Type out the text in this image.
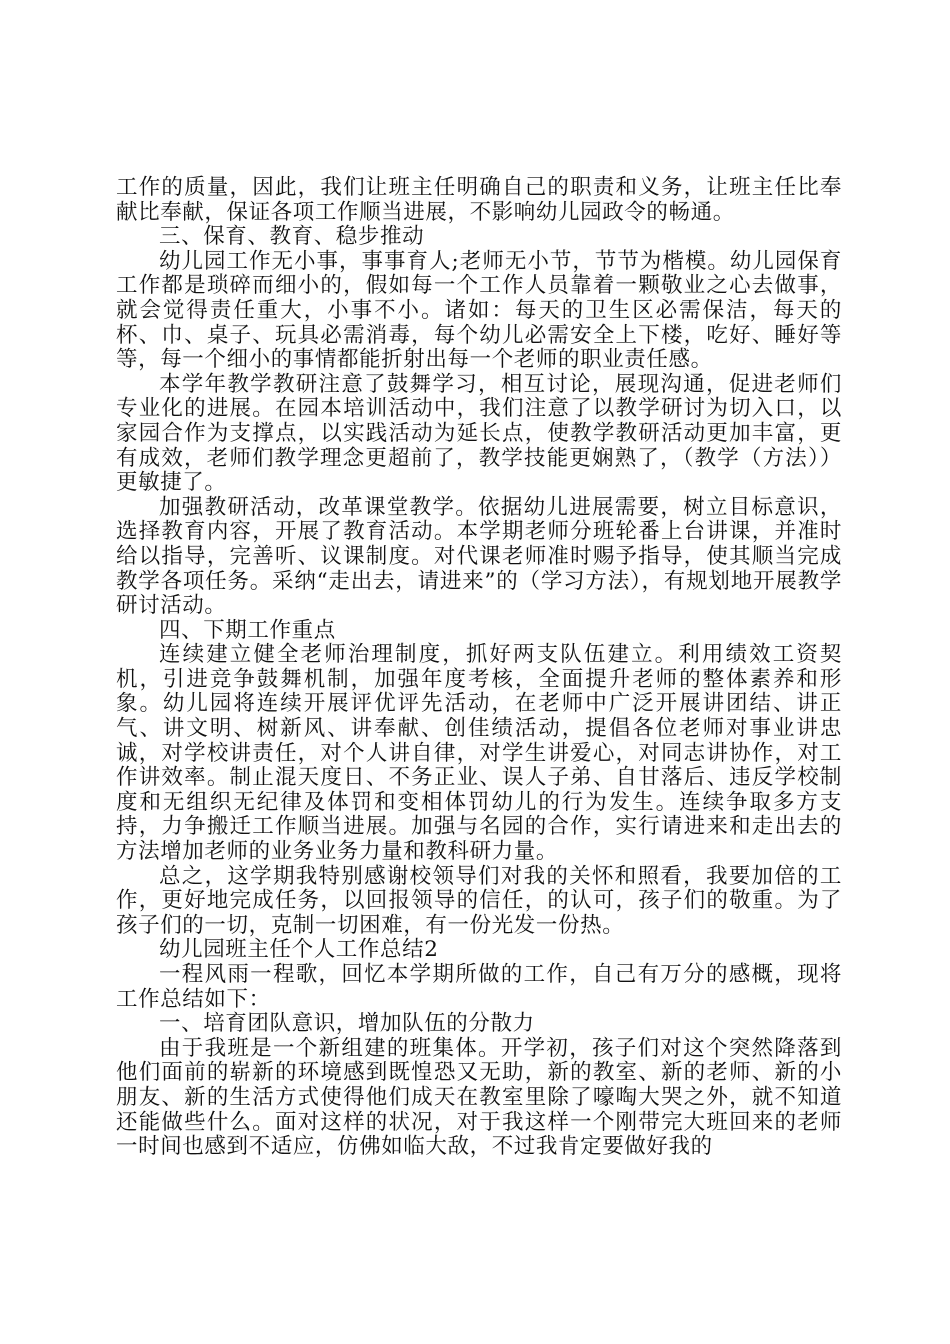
工作的质量，因此，我们让班主任明确自己的职责和义务，让班主任比奉献比奉献，保证各项工作顺当进展，不影响幼儿园政令的畅通。

三、保育、教育、稳步推动

幼儿园工作无小事，事事育人;老师无小节，节节为楷模。幼儿园保育工作都是琐碎而细小的，假如每一个工作人员靠着一颗敬业之心去做事，就会觉得责任重大，小事不小。诸如：每天的卫生区必需保洁，每天的杯、巾、桌子、玩具必需消毒，每个幼儿必需安全上下楼，吃好、睡好等等，每一个细小的事情都能折射出每一个老师的职业责任感。

本学年教学教研注意了鼓舞学习，相互讨论，展现沟通，促进老师们专业化的进展。在园本培训活动中，我们注意了以教学研讨为切入口，以家园合作为支撑点，以实践活动为延长点，使教学教研活动更加丰富，更有成效，老师们教学理念更超前了，教学技能更娴熟了，（教学（方法））更敏捷了。

加强教研活动，改革课堂教学。依据幼儿进展需要，树立目标意识，选择教育内容，开展了教育活动。本学期老师分班轮番上台讲课，并准时给以指导，完善听、议课制度。对代课老师准时赐予指导，使其顺当完成教学各项任务。采纳“走出去，请进来”的（学习方法），有规划地开展教学研讨活动。

四、下期工作重点

连续建立健全老师治理制度，抓好两支队伍建立。利用绩效工资契机，引进竞争鼓舞机制，加强年度考核，全面提升老师的整体素养和形象。幼儿园将连续开展评优评先活动，在老师中广泛开展讲团结、讲正气、讲文明、树新风、讲奉献、创佳绩活动，提倡各位老师对事业讲忠诚，对学校讲责任，对个人讲自律，对学生讲爱心，对同志讲协作，对工作讲效率。制止混天度日、不务正业、误人子弟、自甘落后、违反学校制度和无组织无纪律及体罚和变相体罚幼儿的行为发生。连续争取多方支持，力争搬迁工作顺当进展。加强与名园的合作，实行请进来和走出去的方法增加老师的业务业务力量和教科研力量。

总之，这学期我特别感谢校领导们对我的关怀和照看，我要加倍的工作，更好地完成任务，以回报领导的信任，的认可，孩子们的敬重。为了孩子们的一切，克制一切困难，有一份光发一份热。

幼儿园班主任个人工作总结2

一程风雨一程歌，回忆本学期所做的工作，自己有万分的感概，现将工作总结如下：

一、培育团队意识，增加队伍的分散力

由于我班是一个新组建的班集体。开学初，孩子们对这个突然降落到他们面前的崭新的环境感到既惶恐又无助，新的教室、新的老师、新的小朋友、新的生活方式使得他们成天在教室里除了嚎啕大哭之外，就不知道还能做些什么。面对这样的状况，对于我这样一个刚带完大班回来的老师一时间也感到不适应，仿佛如临大敌，不过我肯定要做好我的
